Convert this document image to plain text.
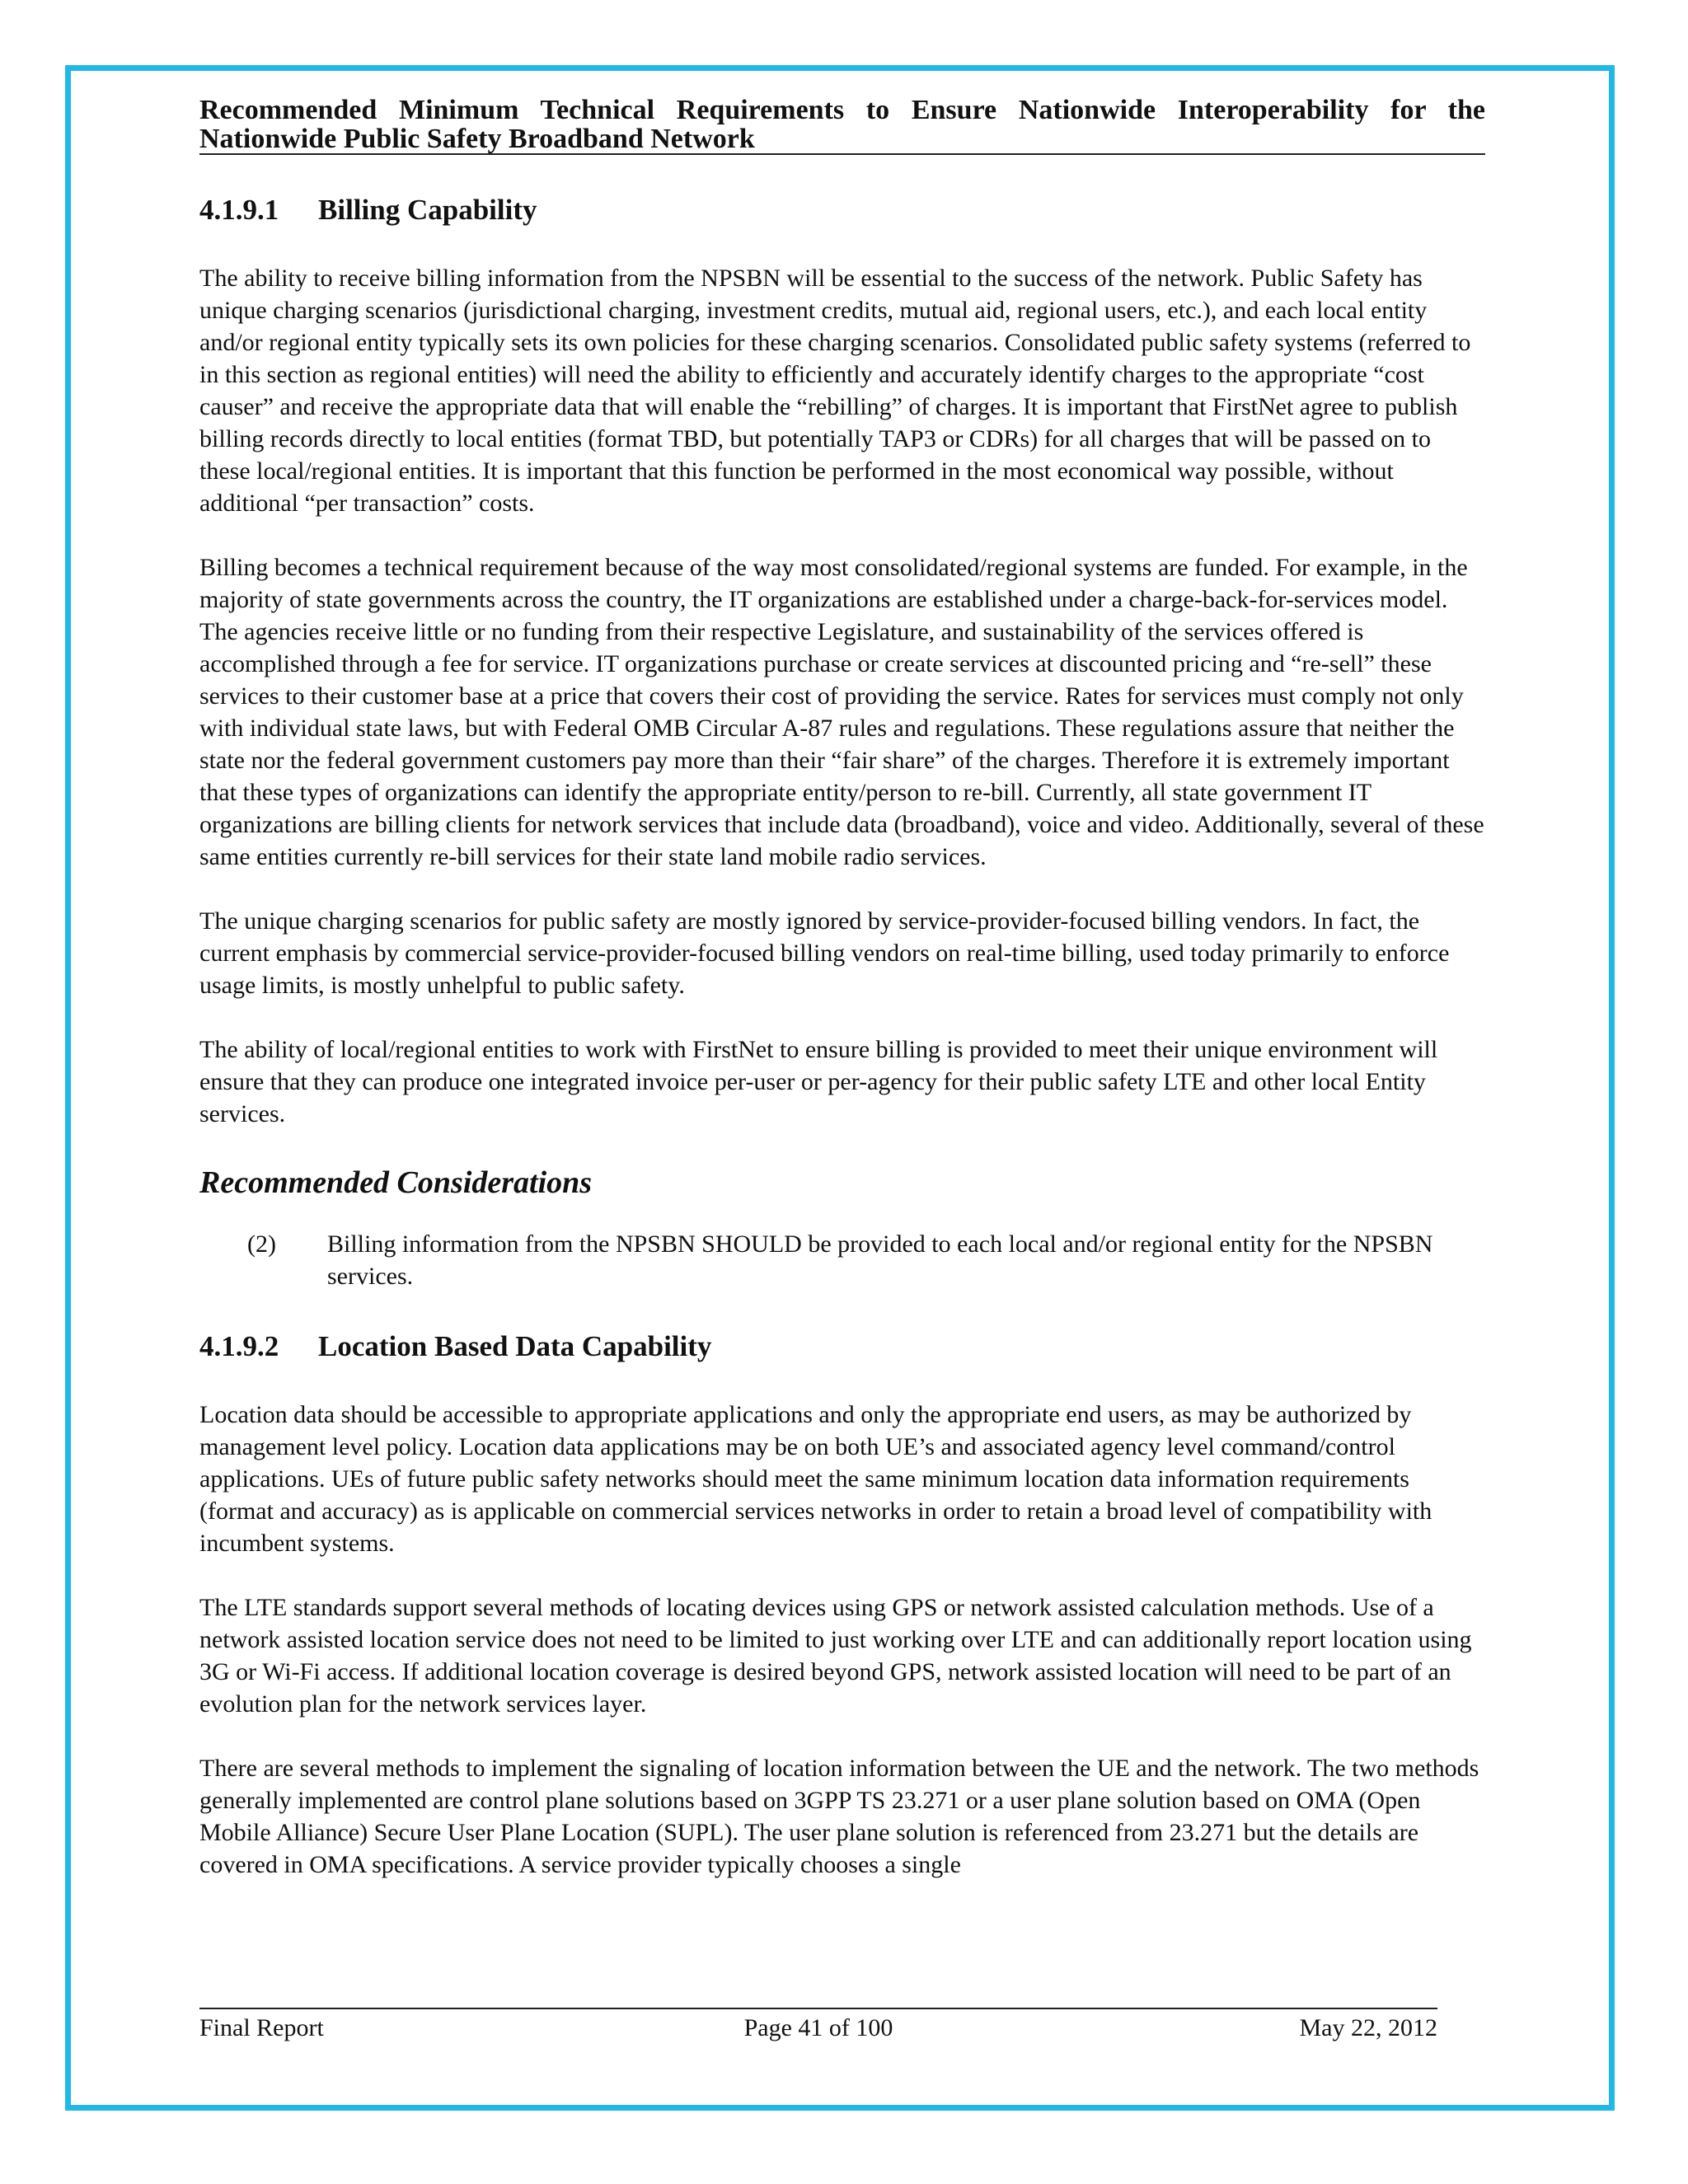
Recommended Minimum Technical Requirements to Ensure Nationwide Interoperability for the Nationwide Public Safety Broadband Network
4.1.9.1 Billing Capability

The ability to receive billing information from the NPSBN will be essential to the success of the network. Public Safety has unique charging scenarios (jurisdictional charging, investment credits, mutual aid, regional users, etc.), and each local entity and/or regional entity typically sets its own policies for these charging scenarios. Consolidated public safety systems (referred to in this section as regional entities) will need the ability to efficiently and accurately identify charges to the appropriate “cost causer” and receive the appropriate data that will enable the “rebilling” of charges. It is important that FirstNet agree to publish billing records directly to local entities (format TBD, but potentially TAP3 or CDRs) for all charges that will be passed on to these local/regional entities. It is important that this function be performed in the most economical way possible, without additional “per transaction” costs.

Billing becomes a technical requirement because of the way most consolidated/regional systems are funded. For example, in the majority of state governments across the country, the IT organizations are established under a charge-back-for-services model. The agencies receive little or no funding from their respective Legislature, and sustainability of the services offered is accomplished through a fee for service. IT organizations purchase or create services at discounted pricing and “re-sell” these services to their customer base at a price that covers their cost of providing the service. Rates for services must comply not only with individual state laws, but with Federal OMB Circular A-87 rules and regulations. These regulations assure that neither the state nor the federal government customers pay more than their “fair share” of the charges. Therefore it is extremely important that these types of organizations can identify the appropriate entity/person to re-bill. Currently, all state government IT organizations are billing clients for network services that include data (broadband), voice and video. Additionally, several of these same entities currently re-bill services for their state land mobile radio services.

The unique charging scenarios for public safety are mostly ignored by service-provider-focused billing vendors. In fact, the current emphasis by commercial service-provider-focused billing vendors on real-time billing, used today primarily to enforce usage limits, is mostly unhelpful to public safety.

The ability of local/regional entities to work with FirstNet to ensure billing is provided to meet their unique environment will ensure that they can produce one integrated invoice per-user or per-agency for their public safety LTE and other local Entity services.

Recommended Considerations
(2)	Billing information from the NPSBN SHOULD be provided to each local and/or regional entity for the NPSBN services.
4.1.9.2 Location Based Data Capability

Location data should be accessible to appropriate applications and only the appropriate end users, as may be authorized by management level policy. Location data applications may be on both UE’s and associated agency level command/control applications. UEs of future public safety networks should meet the same minimum location data information requirements (format and accuracy) as is applicable on commercial services networks in order to retain a broad level of compatibility with incumbent systems.

The LTE standards support several methods of locating devices using GPS or network assisted calculation methods. Use of a network assisted location service does not need to be limited to just working over LTE and can additionally report location using 3G or Wi-Fi access. If additional location coverage is desired beyond GPS, network assisted location will need to be part of an evolution plan for the network services layer.

There are several methods to implement the signaling of location information between the UE and the network. The two methods generally implemented are control plane solutions based on 3GPP TS 23.271 or a user plane solution based on OMA (Open Mobile Alliance) Secure User Plane Location (SUPL). The user plane solution is referenced from 23.271 but the details are covered in OMA specifications. A service provider typically chooses a single

Final Report	Page 41 of 100	May 22, 2012
